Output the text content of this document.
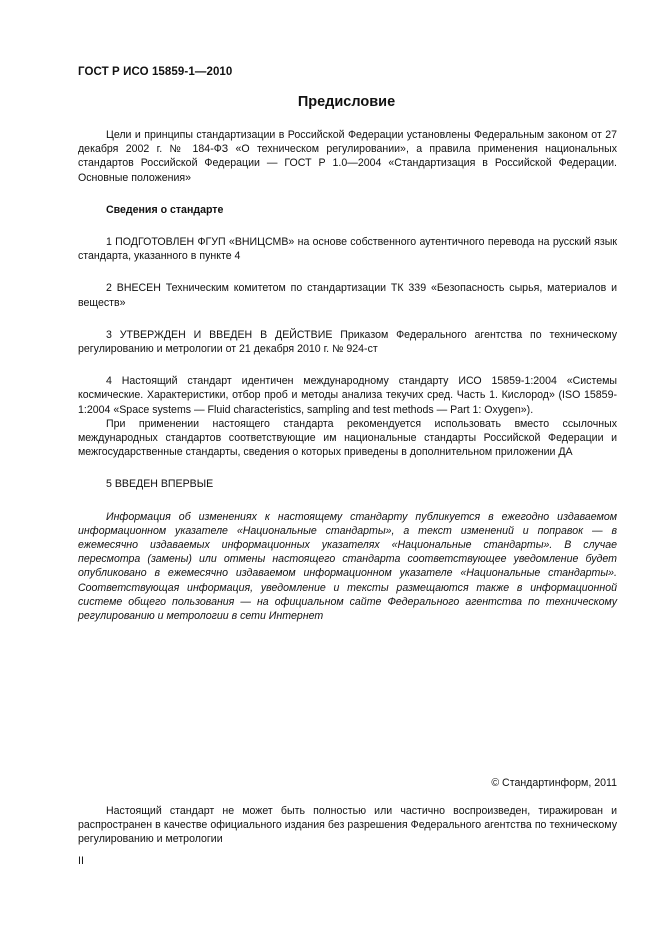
ГОСТ Р ИСО 15859-1—2010
Предисловие

Цели и принципы стандартизации в Российской Федерации установлены Федеральным законом от 27 декабря 2002 г. № 184-ФЗ «О техническом регулировании», а правила применения национальных стандартов Российской Федерации — ГОСТ Р 1.0—2004 «Стандартизация в Российской Федерации. Основные положения»

Сведения о стандарте

1 ПОДГОТОВЛЕН ФГУП «ВНИЦСМВ» на основе собственного аутентичного перевода на русский язык стандарта, указанного в пункте 4

2 ВНЕСЕН Техническим комитетом по стандартизации ТК 339 «Безопасность сырья, материалов и веществ»

3 УТВЕРЖДЕН И ВВЕДЕН В ДЕЙСТВИЕ Приказом Федерального агентства по техническому регулированию и метрологии от 21 декабря 2010 г. № 924-ст

4 Настоящий стандарт идентичен международному стандарту ИСО 15859-1:2004 «Системы космические. Характеристики, отбор проб и методы анализа текучих сред. Часть 1. Кислород» (ISO 15859-1:2004 «Space systems — Fluid characteristics, sampling and test methods — Part 1: Oxygen»).

При применении настоящего стандарта рекомендуется использовать вместо ссылочных международных стандартов соответствующие им национальные стандарты Российской Федерации и межгосударственные стандарты, сведения о которых приведены в дополнительном приложении ДА

5 ВВЕДЕН ВПЕРВЫЕ

Информация об изменениях к настоящему стандарту публикуется в ежегодно издаваемом информационном указателе «Национальные стандарты», а текст изменений и поправок — в ежемесячно издаваемых информационных указателях «Национальные стандарты». В случае пересмотра (замены) или отмены настоящего стандарта соответствующее уведомление будет опубликовано в ежемесячно издаваемом информационном указателе «Национальные стандарты». Соответствующая информация, уведомление и тексты размещаются также в информационной системе общего пользования — на официальном сайте Федерального агентства по техническому регулированию и метрологии в сети Интернет

© Стандартинформ, 2011

Настоящий стандарт не может быть полностью или частично воспроизведен, тиражирован и распространен в качестве официального издания без разрешения Федерального агентства по техническому регулированию и метрологии

II
